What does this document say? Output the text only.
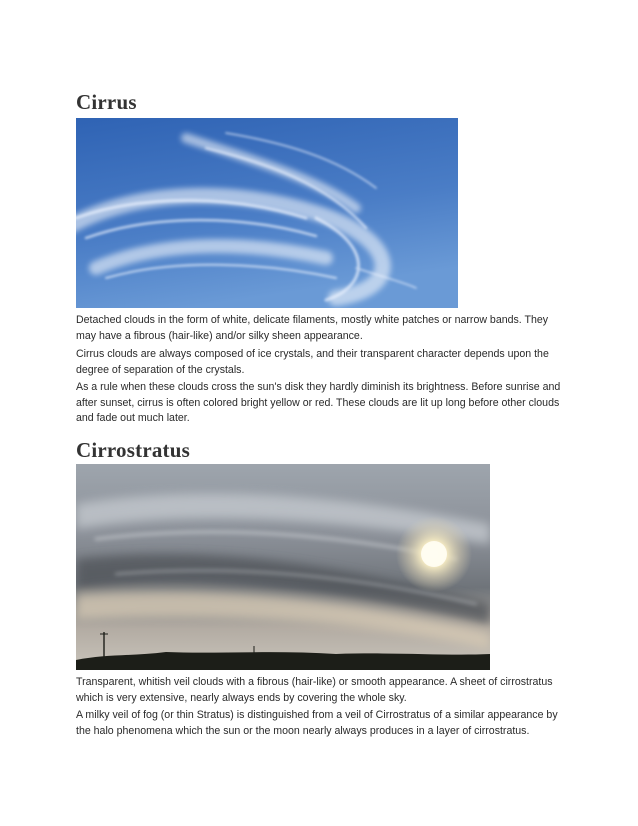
Cirrus

Detached clouds in the form of white, delicate filaments, mostly white patches or narrow bands. They may have a fibrous (hair-like) and/or silky sheen appearance.

Cirrus clouds are always composed of ice crystals, and their transparent character depends upon the degree of separation of the crystals.

As a rule when these clouds cross the sun's disk they hardly diminish its brightness. Before sunrise and after sunset, cirrus is often colored bright yellow or red. These clouds are lit up long before other clouds and fade out much later.

Cirrostratus

Transparent, whitish veil clouds with a fibrous (hair-like) or smooth appearance. A sheet of cirrostratus which is very extensive, nearly always ends by covering the whole sky.

A milky veil of fog (or thin Stratus) is distinguished from a veil of Cirrostratus of a similar appearance by the halo phenomena which the sun or the moon nearly always produces in a layer of cirrostratus.
